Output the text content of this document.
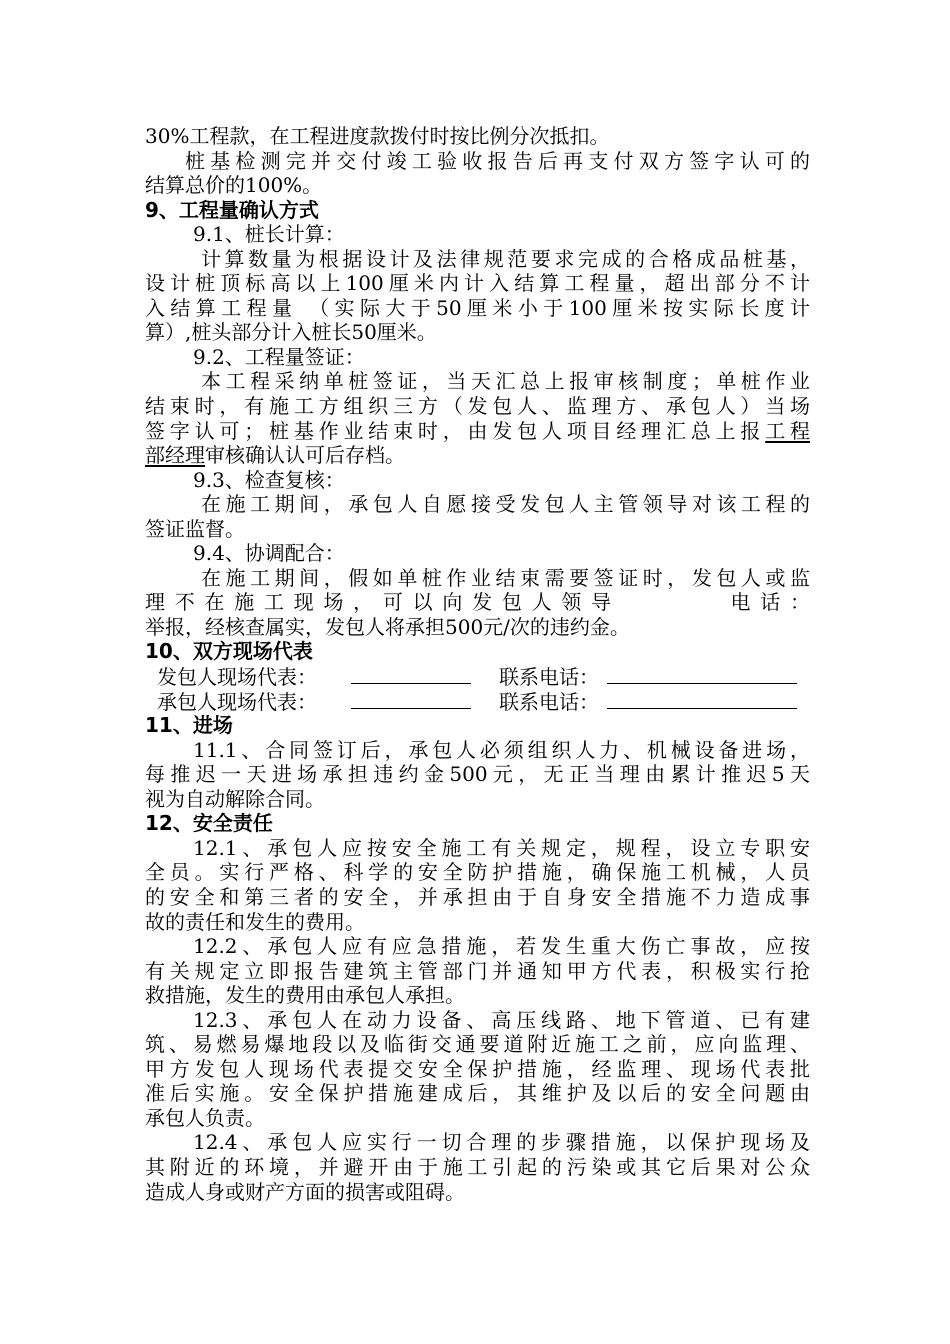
30%工程款，在工程进度款拨付时按比例分次抵扣。
桩基检测完并交付竣工验收报告后再支付双方签字认可的
结算总价的100%。
9、工程量确认方式
9.1、桩长计算：
计算数量为根据设计及法律规范要求完成的合格成品桩基，
设计桩顶标高以上100厘米内计入结算工程量，超出部分不计
入结算工程量 （实际大于50厘米小于100厘米按实际长度计
算）,桩头部分计入桩长50厘米。
9.2、工程量签证：
本工程采纳单桩签证，当天汇总上报审核制度；单桩作业
结束时，有施工方组织三方（发包人、监理方、承包人）当场
签字认可；桩基作业结束时，由发包人项目经理汇总上报工程
部经理审核确认认可后存档。
9.3、检查复核：
在施工期间，承包人自愿接受发包人主管领导对该工程的
签证监督。
9.4、协调配合：
在施工期间，假如单桩作业结束需要签证时，发包人或监
理不在施工现场，可以向发包人领导	电话：
举报，经核查属实，发包人将承担500元/次的违约金。
10、双方现场代表
发包人现场代表：	联系电话：
承包人现场代表：	联系电话：
11、进场
11.1、合同签订后，承包人必须组织人力、机械设备进场，
每推迟一天进场承担违约金500元，无正当理由累计推迟5天
视为自动解除合同。
12、安全责任
12.1、承包人应按安全施工有关规定，规程，设立专职安
全员。实行严格、科学的安全防护措施，确保施工机械，人员
的安全和第三者的安全，并承担由于自身安全措施不力造成事
故的责任和发生的费用。
12.2、承包人应有应急措施，若发生重大伤亡事故，应按
有关规定立即报告建筑主管部门并通知甲方代表，积极实行抢
救措施，发生的费用由承包人承担。
12.3、承包人在动力设备、高压线路、地下管道、已有建
筑、易燃易爆地段以及临街交通要道附近施工之前，应向监理、
甲方发包人现场代表提交安全保护措施，经监理、现场代表批
准后实施。安全保护措施建成后，其维护及以后的安全问题由
承包人负责。
12.4、承包人应实行一切合理的步骤措施，以保护现场及
其附近的环境，并避开由于施工引起的污染或其它后果对公众
造成人身或财产方面的损害或阻碍。
